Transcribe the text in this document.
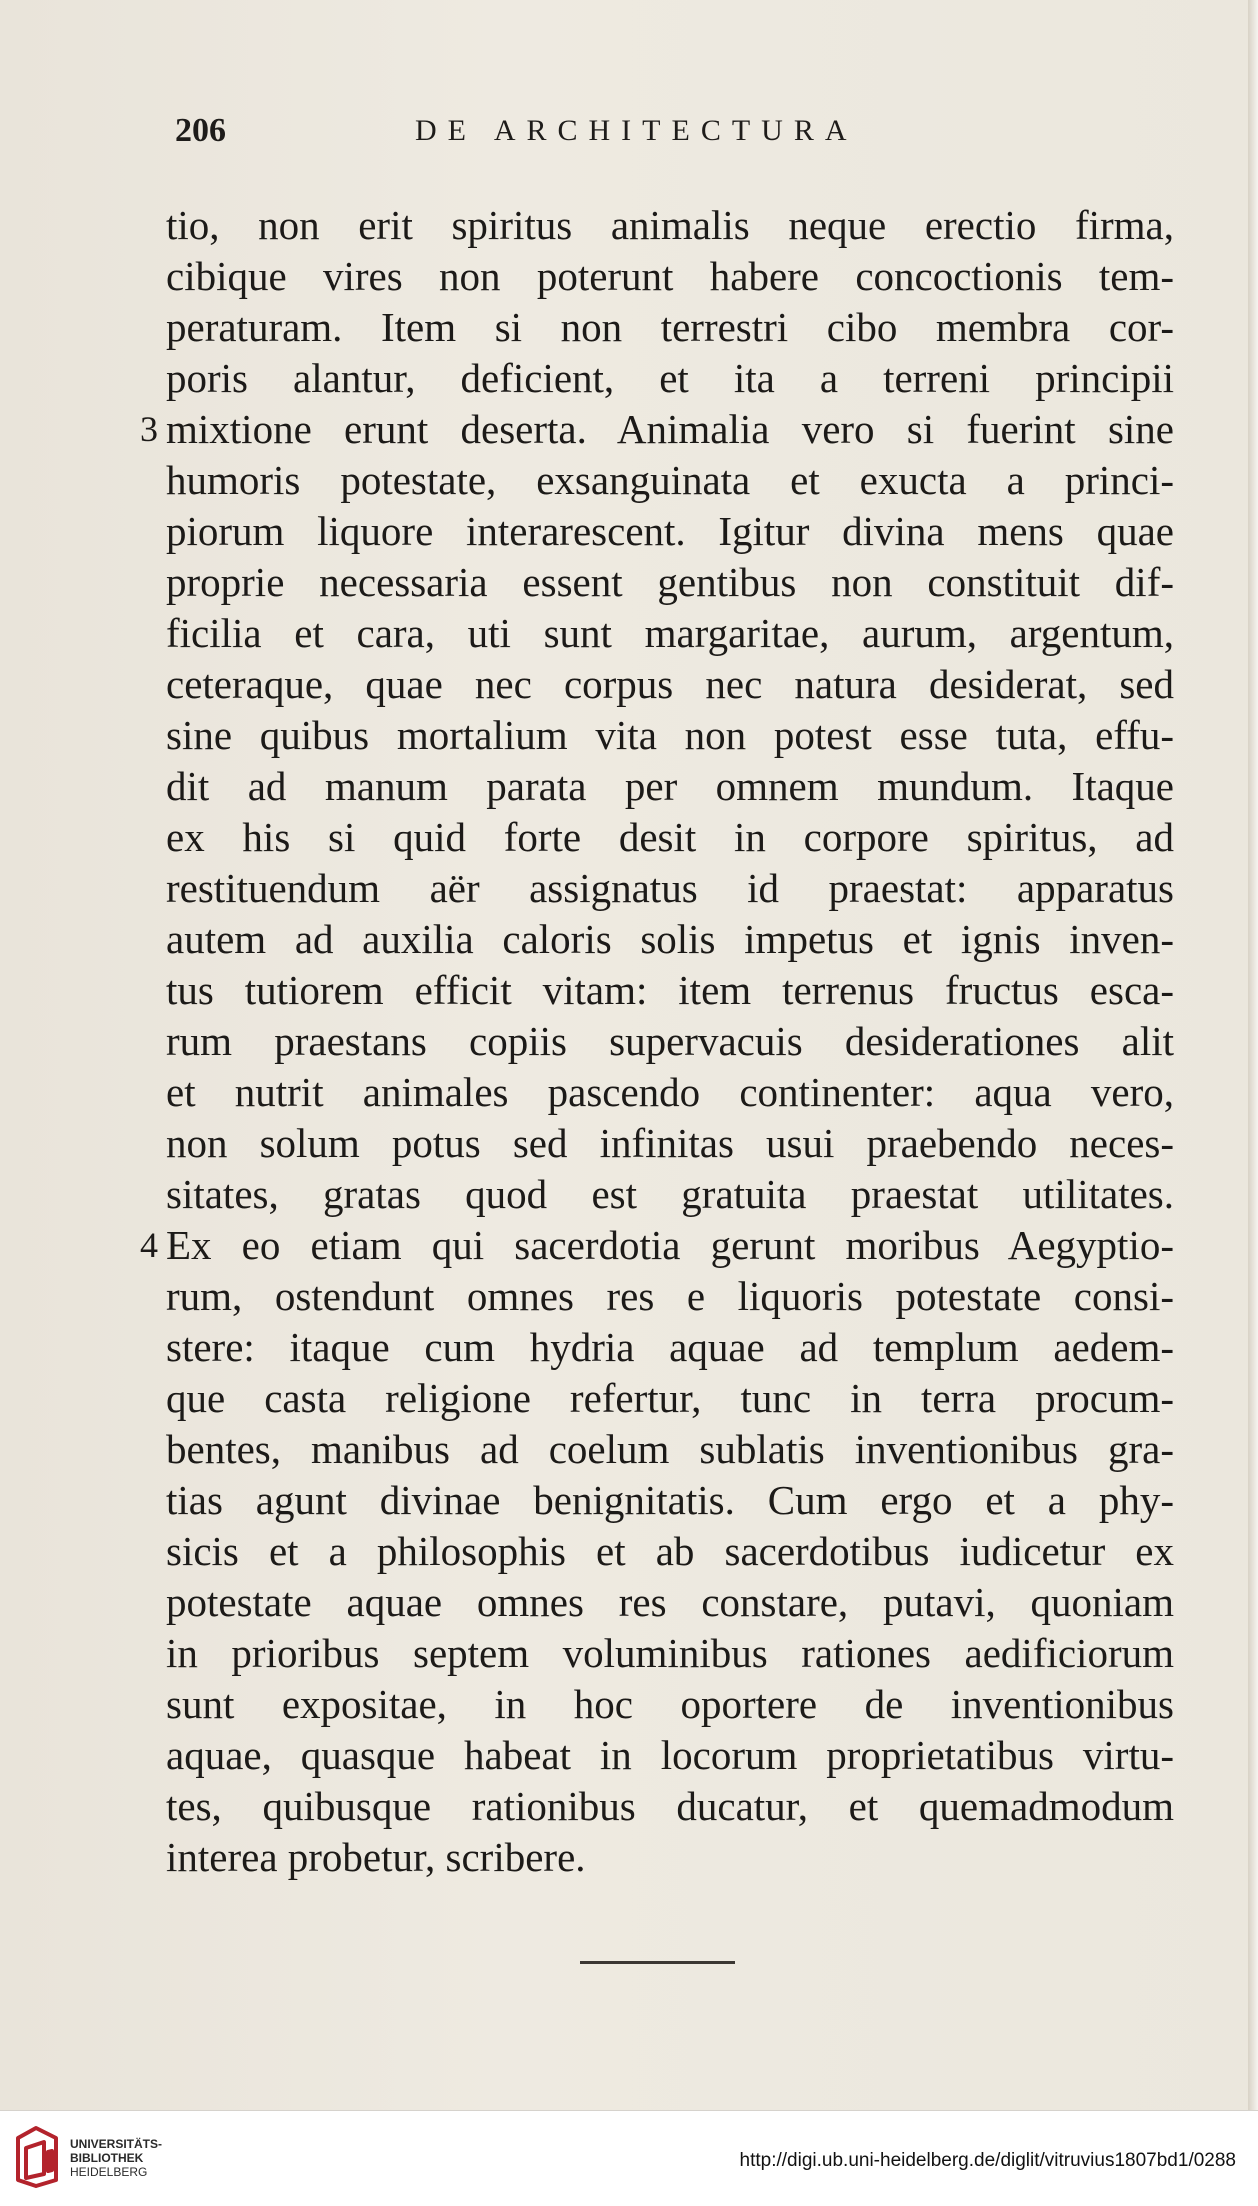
206	DE ARCHITECTURA
tio, non erit spiritus animalis neque erectio firma,
cibique vires non poterunt habere concoctionis tem-
peraturam. Item si non terrestri cibo membra cor-
poris alantur, deficient, et ita a terreni principii
3 mixtione erunt deserta. Animalia vero si fuerint sine
humoris potestate, exsanguinata et exucta a princi-
piorum liquore interarescent. Igitur divina mens quae
proprie necessaria essent gentibus non constituit dif-
ficilia et cara, uti sunt margaritae, aurum, argentum,
ceteraque, quae nec corpus nec natura desiderat, sed
sine quibus mortalium vita non potest esse tuta, effu-
dit ad manum parata per omnem mundum. Itaque
ex his si quid forte desit in corpore spiritus, ad
restituendum aër assignatus id praestat: apparatus
autem ad auxilia caloris solis impetus et ignis inven-
tus tutiorem efficit vitam: item terrenus fructus esca-
rum praestans copiis supervacuis desiderationes alit
et nutrit animales pascendo continenter: aqua vero,
non solum potus sed infinitas usui praebendo neces-
sitates, gratas quod est gratuita praestat utilitates.
4 Ex eo etiam qui sacerdotia gerunt moribus Aegyptio-
rum, ostendunt omnes res e liquoris potestate consi-
stere: itaque cum hydria aquae ad templum aedem-
que casta religione refertur, tunc in terra procum-
bentes, manibus ad coelum sublatis inventionibus gra-
tias agunt divinae benignitatis. Cum ergo et a phy-
sicis et a philosophis et ab sacerdotibus iudicetur ex
potestate aquae omnes res constare, putavi, quoniam
in prioribus septem voluminibus rationes aedificiorum
sunt expositae, in hoc oportere de inventionibus
aquae, quasque habeat in locorum proprietatibus virtu-
tes, quibusque rationibus ducatur, et quemadmodum
interea probetur, scribere.
UNIVERSITÄTS-
BIBLIOTHEK
HEIDELBERG
http://digi.ub.uni-heidelberg.de/diglit/vitruvius1807bd1/0288
